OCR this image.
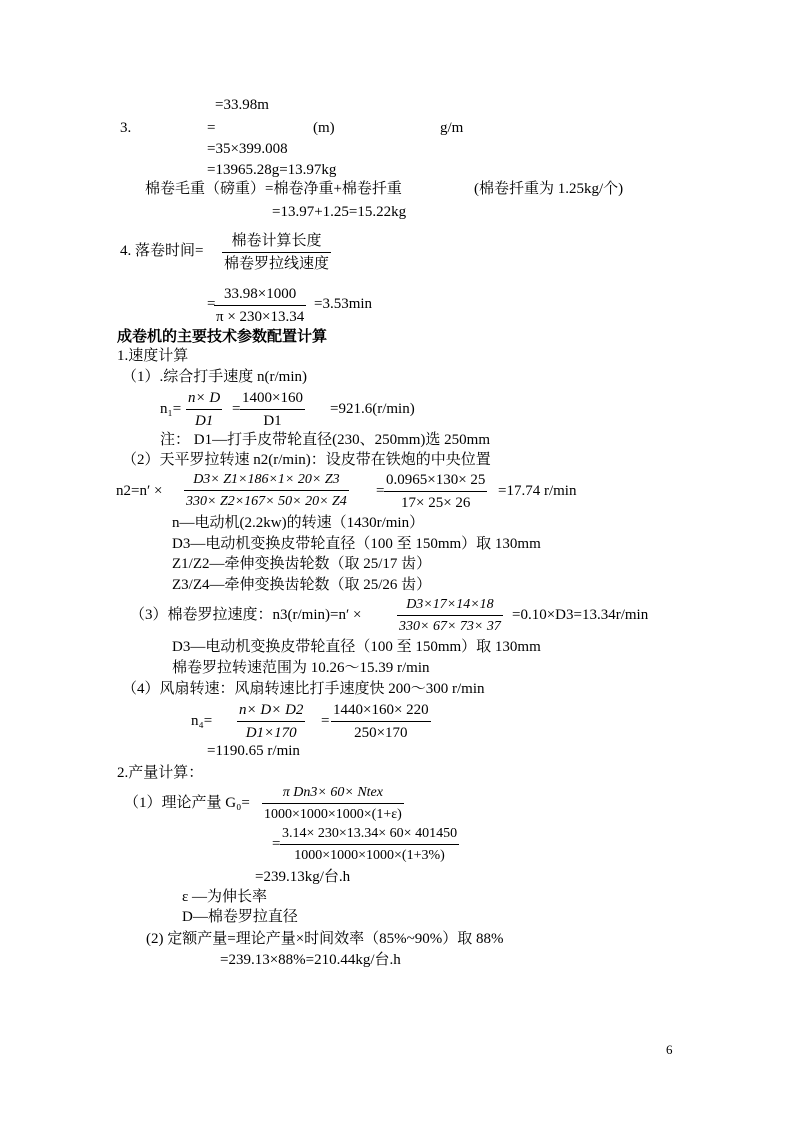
=33.98m
3.	=	(m)	g/m
=35×399.008
=13965.28g=13.97kg
棉卷毛重（磅重）=棉卷净重+棉卷扦重	(棉卷扦重为 1.25kg/个)
=13.97+1.25=15.22kg
4. 落卷时间=
棉卷计算长度
棉卷罗拉线速度
=
33.98×1000
π × 230×13.34
=3.53min
成卷机的主要技术参数配置计算
1.速度计算
（1）.综合打手速度 n(r/min)
n₁=
n× D
D1
=
1400×160
D1
=921.6(r/min)
注： D1—打手皮带轮直径(230、250mm)选 250mm
（2）天平罗拉转速 n2(r/min)：设皮带在铁炮的中央位置
n2=n′ ×
D3× Z1×186×1× 20× Z3
330× Z2×167× 50× 20× Z4
=
0.0965×130× 25
17× 25× 26
=17.74 r/min
n—电动机(2.2kw)的转速（1430r/min）
D3—电动机变换皮带轮直径（100 至 150mm）取 130mm
Z1/Z2—牵伸变换齿轮数（取 25/17 齿）
Z3/Z4—牵伸变换齿轮数（取 25/26 齿）
（3）棉卷罗拉速度：n3(r/min)=n′ ×
D3×17×14×18
330× 67× 73× 37
=0.10×D3=13.34r/min
D3—电动机变换皮带轮直径（100 至 150mm）取 130mm
棉卷罗拉转速范围为 10.26～15.39 r/min
（4）风扇转速：风扇转速比打手速度快 200～300 r/min
n₄=
n× D× D2
D1×170
=
1440×160× 220
250×170
=1190.65 r/min
2.产量计算：
（1）理论产量 G₀=
π Dn3× 60× Ntex
1000×1000×1000×(1+ε)
=
3.14× 230×13.34× 60× 401450
1000×1000×1000×(1+3%)
=239.13kg/台.h
ε —为伸长率
D—棉卷罗拉直径
(2) 定额产量=理论产量×时间效率（85%~90%）取 88%
=239.13×88%=210.44kg/台.h
6
